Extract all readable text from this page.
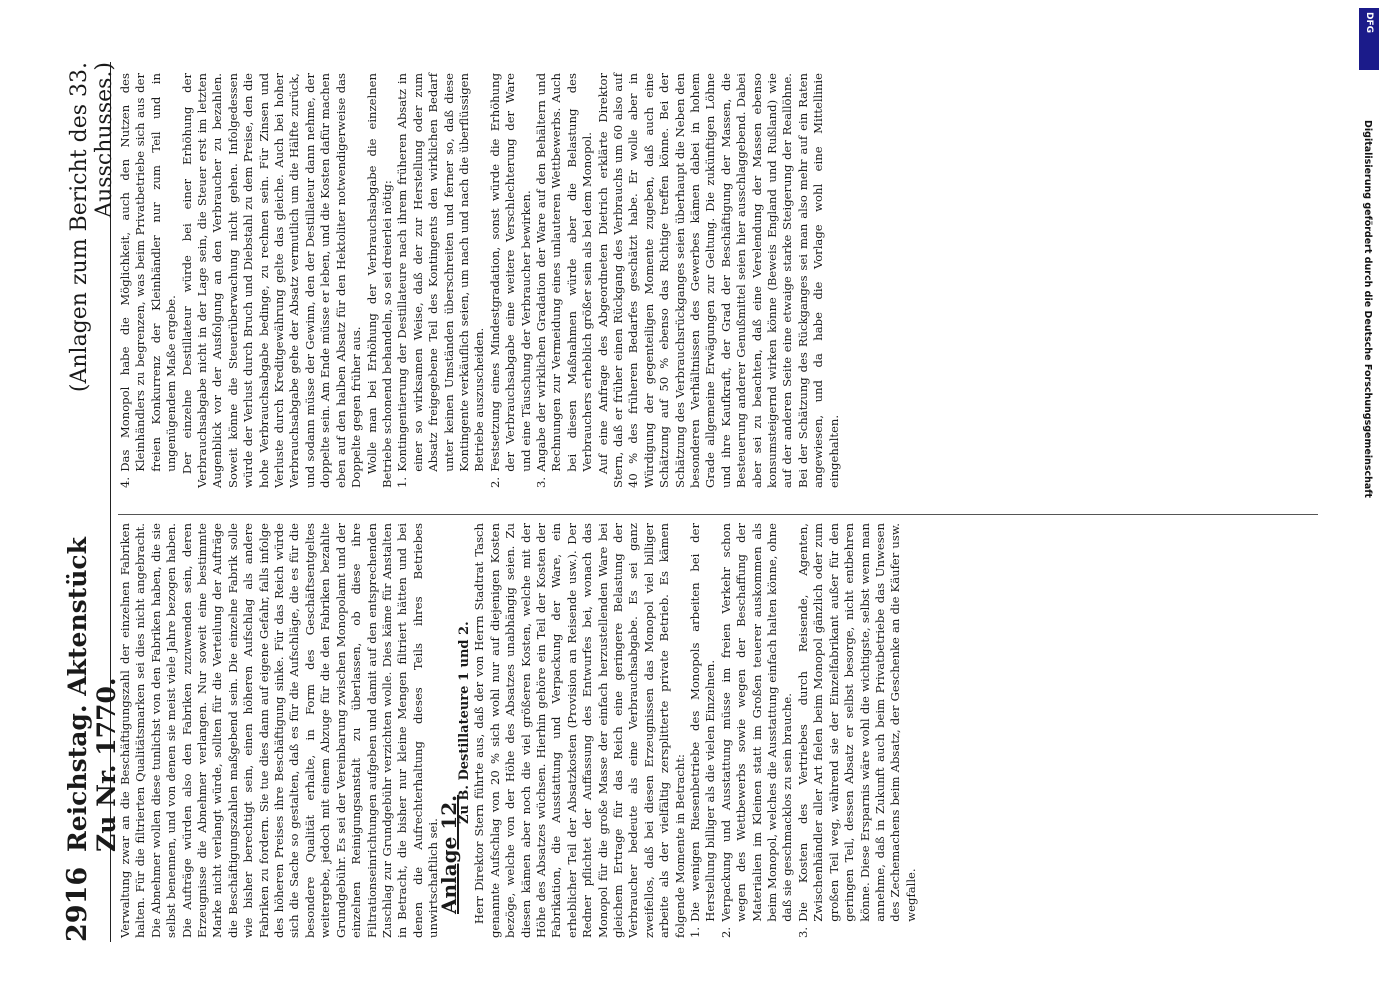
2916
Reichstag. Aktenstück Zu Nr. 1770.
(Anlagen zum Bericht des 33. Ausschusses.)

Verwaltung zwar an die Beschäftigungszahl der einzelnen Fabriken halten. Für die filtrierten Qualitätsmarken sei dies nicht angebracht. Die Abnehmer wollen diese tunlichst von den Fabriken haben, die sie selbst benennen, und von denen sie meist viele Jahre bezogen haben. Die Aufträge würden also den Fabriken zuzuwenden sein, deren Erzeugnisse die Abnehmer verlangen. Nur soweit eine bestimmte Marke nicht verlangt würde, sollten für die Verteilung der Aufträge die Beschäftigungszahlen maßgebend sein. Die einzelne Fabrik solle wie bisher berechtigt sein, einen höheren Aufschlag als andere Fabriken zu fordern. Sie tue dies dann auf eigene Gefahr, falls infolge des höheren Preises ihre Beschäftigung sinke. Für das Reich würde sich die Sache so gestalten, daß es für die Aufschläge, die es für die besondere Qualität erhalte, in Form des Geschäftsentgeltes weitergebe, jedoch mit einem Abzuge für die den Fabriken bezahlte Grundgebühr. Es sei der Vereinbarung zwischen Monopolamt und der einzelnen Reinigungsanstalt zu überlassen, ob diese ihre Filtrationseinrichtungen aufgeben und damit auf den entsprechenden Zuschlag zur Grundgebühr verzichten wolle. Dies käme für Anstalten in Betracht, die bisher nur kleine Mengen filtriert hätten und bei denen die Aufrechterhaltung dieses Teils ihres Betriebes unwirtschaftlich sei.

Anlage 12.

Zu B. Destillateure 1 und 2. Herr Direktor Stern führte aus, daß der von Herrn Stadtrat Tasch genannte Aufschlag von 20 % sich wohl nur auf diejenigen Kosten bezöge, welche von der Höhe des Absatzes unabhängig seien. Zu diesen kämen aber noch die viel größeren Kosten, welche mit der Höhe des Absatzes wüchsen. Hierhin gehöre ein Teil der Kosten der Fabrikation, die Ausstattung und Verpackung der Ware, ein erheblicher Teil der Absatzkosten (Provision an Reisende usw.). Der Redner pflichtet der Auffassung des Entwurfes bei, wonach das Monopol für die große Masse der einfach herzustellenden Ware bei gleichem Ertrage für das Reich eine geringere Belastung der Verbraucher bedeute als eine Verbrauchsabgabe. Es sei ganz zweifellos, daß bei diesen Erzeugnissen das Monopol viel billiger arbeite als der vielfältig zersplitterte private Betrieb. Es kämen folgende Momente in Betracht: 1.Die wenigen Riesenbetriebe des Monopols arbeiten bei der Herstellung billiger als die vielen Einzelnen.

2.Verpackung und Ausstattung müsse im freien Verkehr schon wegen des Wettbewerbs sowie wegen der Beschaffung der Materialien im Kleinen statt im Großen teuerer auskommen als beim Monopol, welches die Ausstattung einfach halten könne, ohne daß sie geschmacklos zu sein brauche.

3.Die Kosten des Vertriebes durch Reisende, Agenten, Zwischenhändler aller Art fielen beim Monopol gänzlich oder zum großen Teil weg, während sie der Einzelfabrikant außer für den geringen Teil, dessen Absatz er selbst besorge, nicht entbehren könne. Diese Ersparnis wäre wohl die wichtigste, selbst wenn man annehme, daß in Zukunft auch beim Privatbetriebe das Unwesen des Zechemachens beim Absatz, der Geschenke an die Käufer usw. wegfalle.

4.Das Monopol habe die Möglichkeit, auch den Nutzen des Kleinhändlers zu begrenzen, was beim Privatbetriebe sich aus der freien Konkurrenz der Kleinhändler nur zum Teil und in ungenügendem Maße ergebe. Der einzelne Destillateur würde bei einer Erhöhung der Verbrauchsabgabe nicht in der Lage sein, die Steuer erst im letzten Augenblick vor der Ausfolgung an den Verbraucher zu bezahlen. Soweit könne die Steuerüberwachung nicht gehen. Infolgedessen würde der Verlust durch Bruch und Diebstahl zu dem Preise, den die hohe Verbrauchsabgabe bedinge, zu rechnen sein. Für Zinsen und Verluste durch Kreditgewährung gelte das gleiche. Auch bei hoher Verbrauchsabgabe gehe der Absatz vermutlich um die Hälfte zurück, und sodann müsse der Gewinn, den der Destillateur dann nehme, der doppelte sein. Am Ende müsse er leben, und die Kosten dafür machen eben auf den halben Absatz für den Hektoliter notwendigerweise das Doppelte gegen früher aus. Wolle man bei Erhöhung der Verbrauchsabgabe die einzelnen Betriebe schonend behandeln, so sei dreierlei nötig: 1.Kontingentierung der Destillateure nach ihrem früheren Absatz in einer so wirksamen Weise, daß der zur Herstellung oder zum Absatz freigegebene Teil des Kontingents den wirklichen Bedarf unter keinen Umständen überschreiten und ferner so, daß diese Kontingente verkäuflich seien, um nach und nach die überflüssigen Betriebe auszuscheiden.

2.Festsetzung eines Mindestgradation, sonst würde die Erhöhung der Verbrauchsabgabe eine weitere Verschlechterung der Ware und eine Täuschung der Verbraucher bewirken.

3.Angabe der wirklichen Gradation der Ware auf den Behältern und Rechnungen zur Vermeidung eines unlauteren Wettbewerbs. Auch bei diesen Maßnahmen würde aber die Belastung des Verbrauchers erheblich größer sein als bei dem Monopol. Auf eine Anfrage des Abgeordneten Dietrich erklärte Direktor Stern, daß er früher einen Rückgang des Verbrauchs um 60 also auf 40 % des früheren Bedarfes geschätzt habe. Er wolle aber in Würdigung der gegenteiligen Momente zugeben, daß auch eine Schätzung auf 50 % ebenso das Richtige treffen könne. Bei der Schätzung des Verbrauchsrückganges seien überhaupt die Neben den besonderen Verhältnissen des Gewerbes kämen dabei in hohem Grade allgemeine Erwägungen zur Geltung. Die zukünftigen Löhne und ihre Kaufkraft, der Grad der Beschäftigung der Massen, die Besteuerung anderer Genußmittel seien hier ausschlaggebend. Dabei aber sei zu beachten, daß eine Verelendung der Massen ebenso konsumsteigernd wirken könne (Beweis England und Rußland) wie auf der anderen Seite eine etwaige starke Steigerung der Reallöhne. Bei der Schätzung des Rückganges sei man also mehr auf ein Raten angewiesen, und da habe die Vorlage wohl eine Mittellinie eingehalten.	Digitalisierung gefördert durch die Deutsche Forschungsgemeinschaft
DFG
